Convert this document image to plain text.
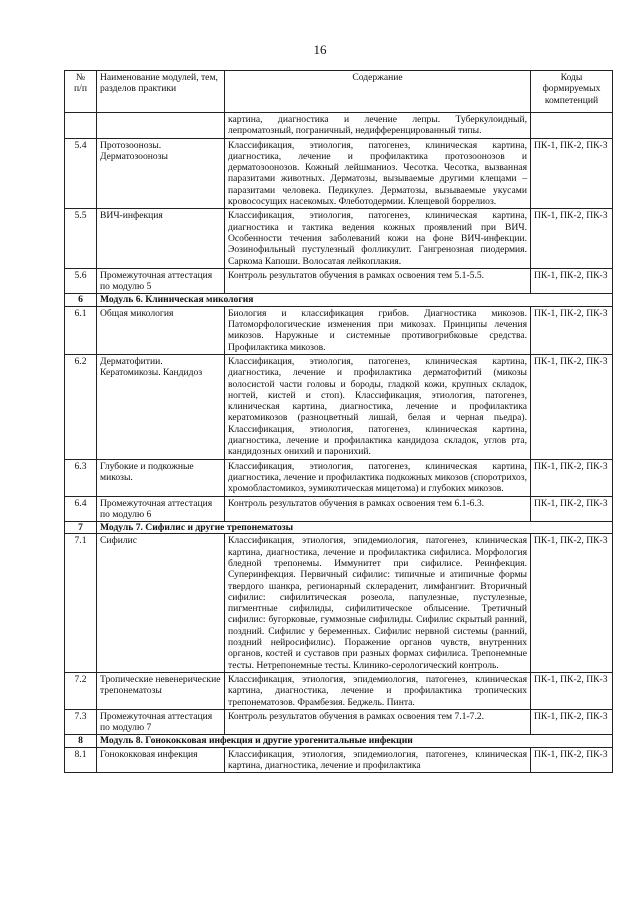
16
№
п/п	Наименование модулей, тем, разделов практики	Содержание	Коды формируемых компетенций
		картина, диагностика и лечение лепры. Туберкулоидный, лепроматозный, пограничный, недифференцированный типы.	
5.4	Протозоонозы. Дерматозоонозы	Классификация, этиология, патогенез, клиническая картина, диагностика, лечение и профилактика протозоонозов и дерматозоонозов. Кожный лейшманиоз. Чесотка. Чесотка, вызванная паразитами животных. Дерматозы, вызываемые другими клещами – паразитами человека. Педикулез. Дерматозы, вызываемые укусами кровососущих насекомых. Флеботодермии. Клещевой боррелиоз.	ПК-1, ПК-2, ПК-3
5.5	ВИЧ-инфекция	Классификация, этиология, патогенез, клиническая картина, диагностика и тактика ведения кожных проявлений при ВИЧ. Особенности течения заболеваний кожи на фоне ВИЧ-инфекции. Эозинофильный пустулезный фолликулит. Гангренозная пиодермия. Саркома Капоши. Волосатая лейкоплакия.	ПК-1, ПК-2, ПК-3
5.6	Промежуточная аттестация по модулю 5	Контроль результатов обучения в рамках освоения тем 5.1-5.5.	ПК-1, ПК-2, ПК-3
6	Модуль 6. Клиническая микология		
6.1	Общая микология	Биология и классификация грибов. Диагностика микозов. Патоморфологические изменения при микозах. Принципы лечения микозов. Наружные и системные противогрибковые средства. Профилактика микозов.	ПК-1, ПК-2, ПК-3
6.2	Дерматофитии. Кератомикозы. Кандидоз	Классификация, этиология, патогенез, клиническая картина, диагностика, лечение и профилактика дерматофитий (микозы волосистой части головы и бороды, гладкой кожи, крупных складок, ногтей, кистей и стоп). Классификация, этиология, патогенез, клиническая картина, диагностика, лечение и профилактика кератомикозов (разноцветный лишай, белая и черная пьедра). Классификация, этиология, патогенез, клиническая картина, диагностика, лечение и профилактика кандидоза складок, углов рта, кандидозных онихий и паронихий.	ПК-1, ПК-2, ПК-3
6.3	Глубокие и подкожные микозы.	Классификация, этиология, патогенез, клиническая картина, диагностика, лечение и профилактика подкожных микозов (споротрихоз, хромобластомикоз, эумикотическая мицетома) и глубоких микозов.	ПК-1, ПК-2, ПК-3
6.4	Промежуточная аттестация по модулю 6	Контроль результатов обучения в рамках освоения тем 6.1-6.3.	ПК-1, ПК-2, ПК-3
7	Модуль 7. Сифилис и другие трепонематозы		
7.1	Сифилис	Классификация, этиология, эпидемиология, патогенез, клиническая картина, диагностика, лечение и профилактика сифилиса. Морфология бледной трепонемы. Иммунитет при сифилисе. Реинфекция. Суперинфекция. Первичный сифилис: типичные и атипичные формы твердого шанкра, регионарный склераденит, лимфангиит. Вторичный сифилис: сифилитическая розеола, папулезные, пустулезные, пигментные сифилиды, сифилитическое облысение. Третичный сифилис: бугорковые, гуммозные сифилиды. Сифилис скрытый ранний, поздний. Сифилис у беременных. Сифилис нервной системы (ранний, поздний нейросифилис). Поражение органов чувств, внутренних органов, костей и суставов при разных формах сифилиса. Трепонемные тесты. Нетрепонемные тесты. Клинико-серологический контроль.	ПК-1, ПК-2, ПК-3
7.2	Тропические невенерические трепонематозы	Классификация, этиология, эпидемиология, патогенез, клиническая картина, диагностика, лечение и профилактика тропических трепонематозов. Фрамбезия. Беджель. Пинта.	ПК-1, ПК-2, ПК-3
7.3	Промежуточная аттестация по модулю 7	Контроль результатов обучения в рамках освоения тем 7.1-7.2.	ПК-1, ПК-2, ПК-3
8	Модуль 8. Гонококковая инфекция и другие урогенитальные инфекции		
8.1	Гонококковая инфекция	Классификация, этиология, эпидемиология, патогенез, клиническая картина, диагностика, лечение и профилактика	ПК-1, ПК-2, ПК-3
